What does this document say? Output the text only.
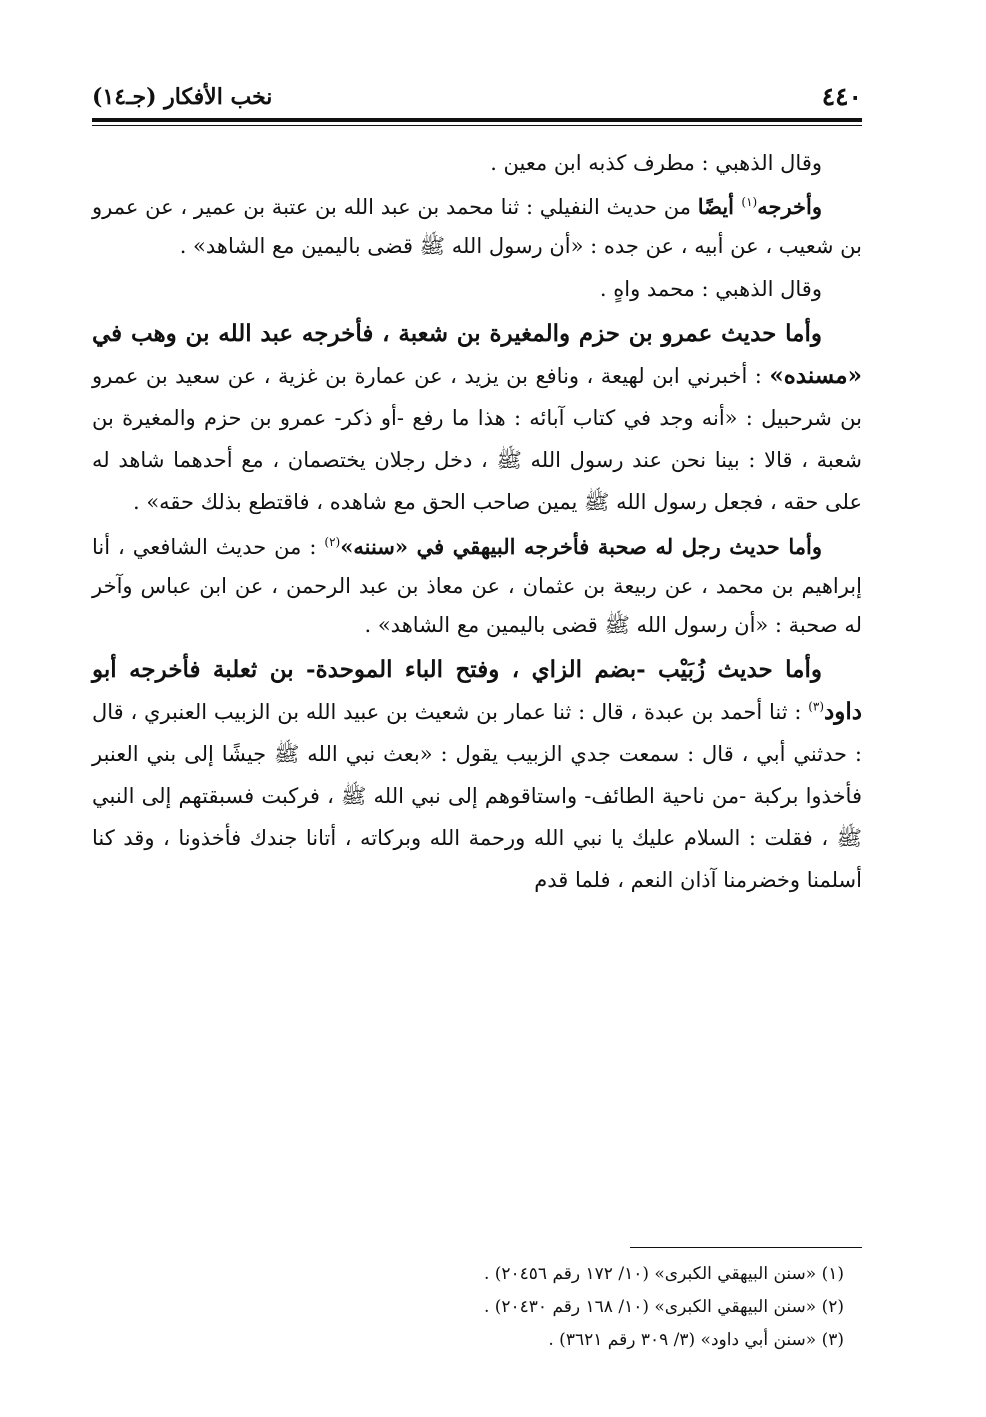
٤٤٠
نخب الأفكار (جـ١٤)

وقال الذهبي : مطرف كذبه ابن معين .

وأخرجه$^{(١)}$ أيضًا من حديث النفيلي : ثنا محمد بن عبد الله بن عتبة بن عمير ، عن عمرو بن شعيب ، عن أبيه ، عن جده : «أن رسول الله ﷺ قضى باليمين مع الشاهد» .

وقال الذهبي : محمد واهٍ .

وأما حديث عمرو بن حزم والمغيرة بن شعبة ، فأخرجه عبد الله بن وهب في «مسنده» : أخبرني ابن لهيعة ، ونافع بن يزيد ، عن عمارة بن غزية ، عن سعيد بن عمرو بن شرحبيل : «أنه وجد في كتاب آبائه : هذا ما رفع -أو ذكر- عمرو بن حزم والمغيرة بن شعبة ، قالا : بينا نحن عند رسول الله ﷺ ، دخل رجلان يختصمان ، مع أحدهما شاهد له على حقه ، فجعل رسول الله ﷺ يمين صاحب الحق مع شاهده ، فاقتطع بذلك حقه» .

وأما حديث رجل له صحبة فأخرجه البيهقي في «سننه»$^{(٢)}$ : من حديث الشافعي ، أنا إبراهيم بن محمد ، عن ربيعة بن عثمان ، عن معاذ بن عبد الرحمن ، عن ابن عباس وآخر له صحبة : «أن رسول الله ﷺ قضى باليمين مع الشاهد» .

وأما حديث زُبَيْب -بضم الزاي ، وفتح الباء الموحدة- بن ثعلبة فأخرجه أبو داود$^{(٣)}$ : ثنا أحمد بن عبدة ، قال : ثنا عمار بن شعيث بن عبيد الله بن الزبيب العنبري ، قال : حدثني أبي ، قال : سمعت جدي الزبيب يقول : «بعث نبي الله ﷺ جيشًا إلى بني العنبر فأخذوا بركبة -من ناحية الطائف- واستاقوهم إلى نبي الله ﷺ ، فركبت فسبقتهم إلى النبي ﷺ ، فقلت : السلام عليك يا نبي الله ورحمة الله وبركاته ، أتانا جندك فأخذونا ، وقد كنا أسلمنا وخضرمنا آذان النعم ، فلما قدم

(١) «سنن البيهقي الكبرى» (١٠/ ١٧٢ رقم ٢٠٤٥٦) .

(٢) «سنن البيهقي الكبرى» (١٠/ ١٦٨ رقم ٢٠٤٣٠) .

(٣) «سنن أبي داود» (٣/ ٣٠٩ رقم ٣٦٢١) .
